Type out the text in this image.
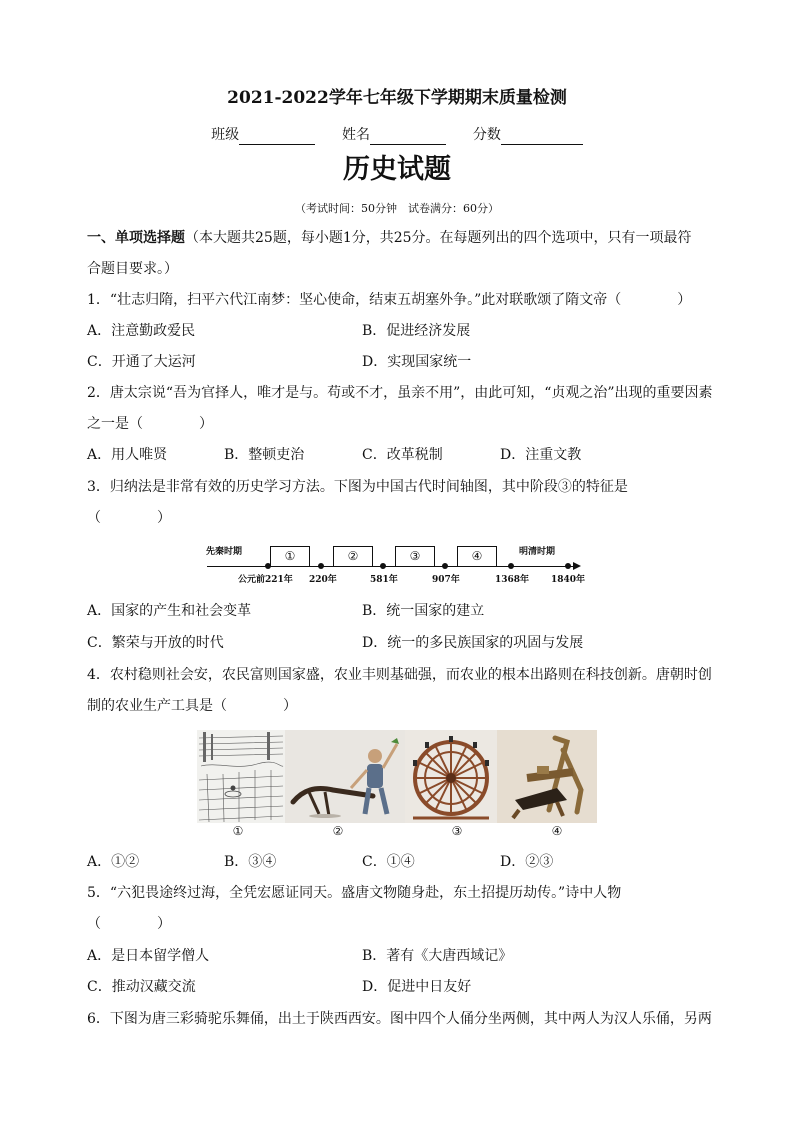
2021-2022学年七年级下学期期末质量检测
班级	姓名	分数
历史试题
（考试时间：50分钟　试卷满分：60分）
一、单项选择题（本大题共25题，每小题1分，共25分。在每题列出的四个选项中，只有一项最符
合题目要求。）
1．“壮志归隋，扫平六代江南梦：坚心使命，结束五胡塞外争。”此对联歌颂了隋文帝（　　　　）
A．注意勤政爱民	B．促进经济发展
C．开通了大运河	D．实现国家统一
2．唐太宗说“吾为官择人，唯才是与。苟或不才，虽亲不用”，由此可知，“贞观之治”出现的重要因素
之一是（　　　　）
A．用人唯贤	B．整顿吏治	C．改革税制	D．注重文教
3．归纳法是非常有效的历史学习方法。下图为中国古代时间轴图，其中阶段③的特征是
（　　　　）
先秦时期	明清时期
①	②	③	④
公元前221年 220年	581年	907年	1368年 1840年
A．国家的产生和社会变革	B．统一国家的建立
C．繁荣与开放的时代	D．统一的多民族国家的巩固与发展
4．农村稳则社会安，农民富则国家盛，农业丰则基础强，而农业的根本出路则在科技创新。唐朝时创
制的农业生产工具是（　　　　）
①	②	③	④
A．①②	B．③④	C．①④	D．②③
5．“六犯畏途终过海，全凭宏愿证同天。盛唐文物随身赴，东土招提历劫传。”诗中人物
（　　　　）
A．是日本留学僧人	B．著有《大唐西域记》
C．推动汉藏交流	D．促进中日友好
6．下图为唐三彩骑驼乐舞俑，出土于陕西西安。图中四个人俑分坐两侧，其中两人为汉人乐俑，另两
